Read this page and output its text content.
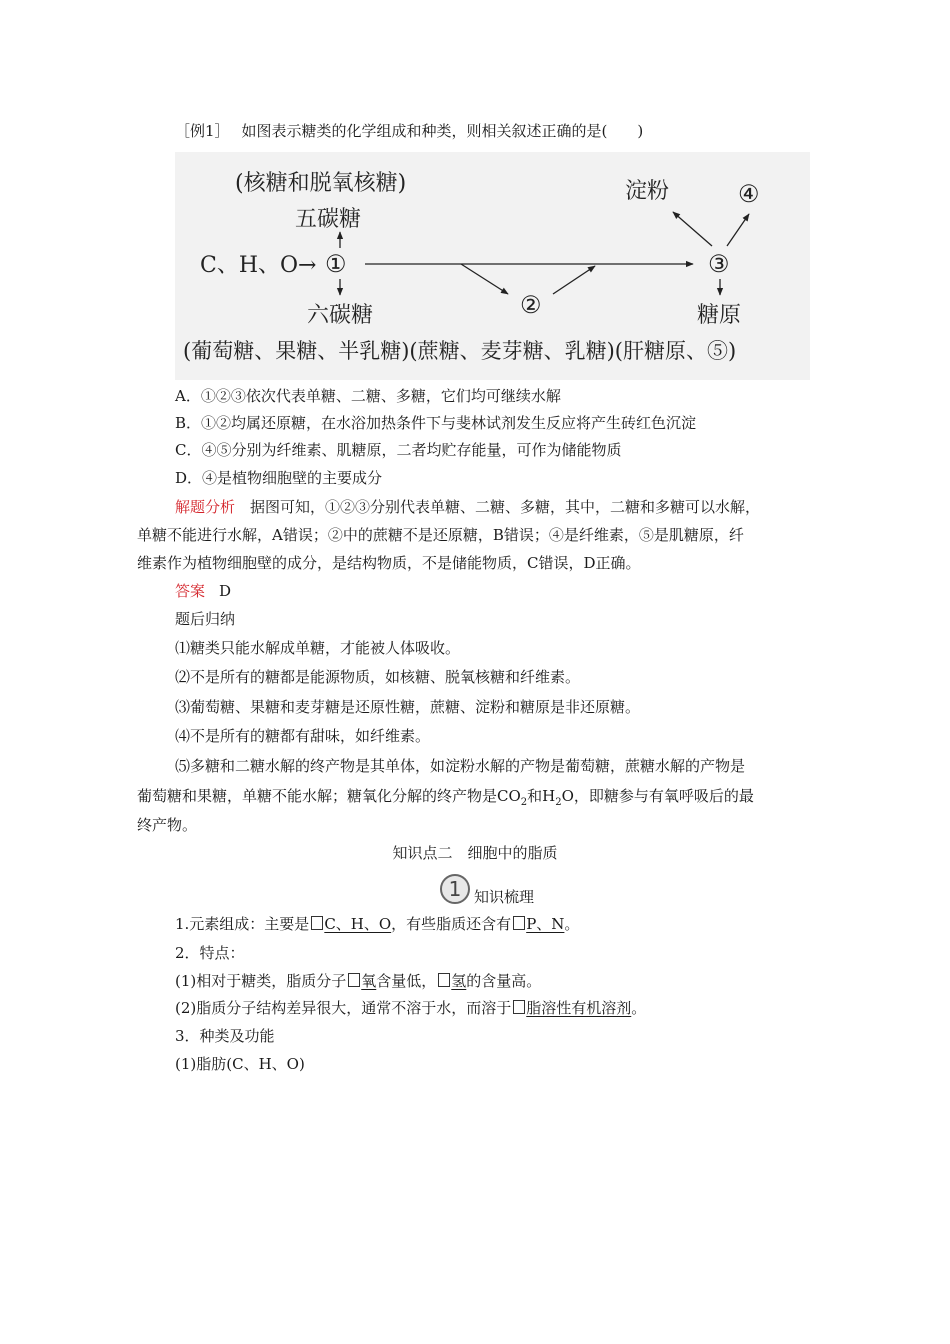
［例1］ 如图表示糖类的化学组成和种类，则相关叙述正确的是(　　)
(核糖和脱氧核糖)
五碳糖
C、H、O→ ①
②
③
淀粉	④
六碳糖	糖原
(葡萄糖、果糖、半乳糖)(蔗糖、麦芽糖、乳糖)(肝糖原、⑤)
A．①②③依次代表单糖、二糖、多糖，它们均可继续水解
B．①②均属还原糖，在水浴加热条件下与斐林试剂发生反应将产生砖红色沉淀
C．④⑤分别为纤维素、肌糖原，二者均贮存能量，可作为储能物质
D．④是植物细胞壁的主要成分
解题分析　据图可知，①②③分别代表单糖、二糖、多糖，其中，二糖和多糖可以水解，
单糖不能进行水解，A错误；②中的蔗糖不是还原糖，B错误；④是纤维素，⑤是肌糖原，纤
维素作为植物细胞壁的成分，是结构物质，不是储能物质，C错误，D正确。
答案 D
题后归纳
⑴糖类只能水解成单糖，才能被人体吸收。
⑵不是所有的糖都是能源物质，如核糖、脱氧核糖和纤维素。
⑶葡萄糖、果糖和麦芽糖是还原性糖，蔗糖、淀粉和糖原是非还原糖。
⑷不是所有的糖都有甜味，如纤维素。
⑸多糖和二糖水解的终产物是其单体，如淀粉水解的产物是葡萄糖，蔗糖水解的产物是
葡萄糖和果糖，单糖不能水解；糖氧化分解的终产物是$CO_2$和$H_2O$，即糖参与有氧呼吸后的最
终产物。
知识点二　细胞中的脂质
1 知识梳理
1.元素组成：主要是 C、H、O，有些脂质还含有 P、N。
2．特点：
(1)相对于糖类，脂质分子 氧含量低， 氢的含量高。
(2)脂质分子结构差异很大，通常不溶于水，而溶于 脂溶性有机溶剂。
3．种类及功能
(1)脂肪(C、H、O)
